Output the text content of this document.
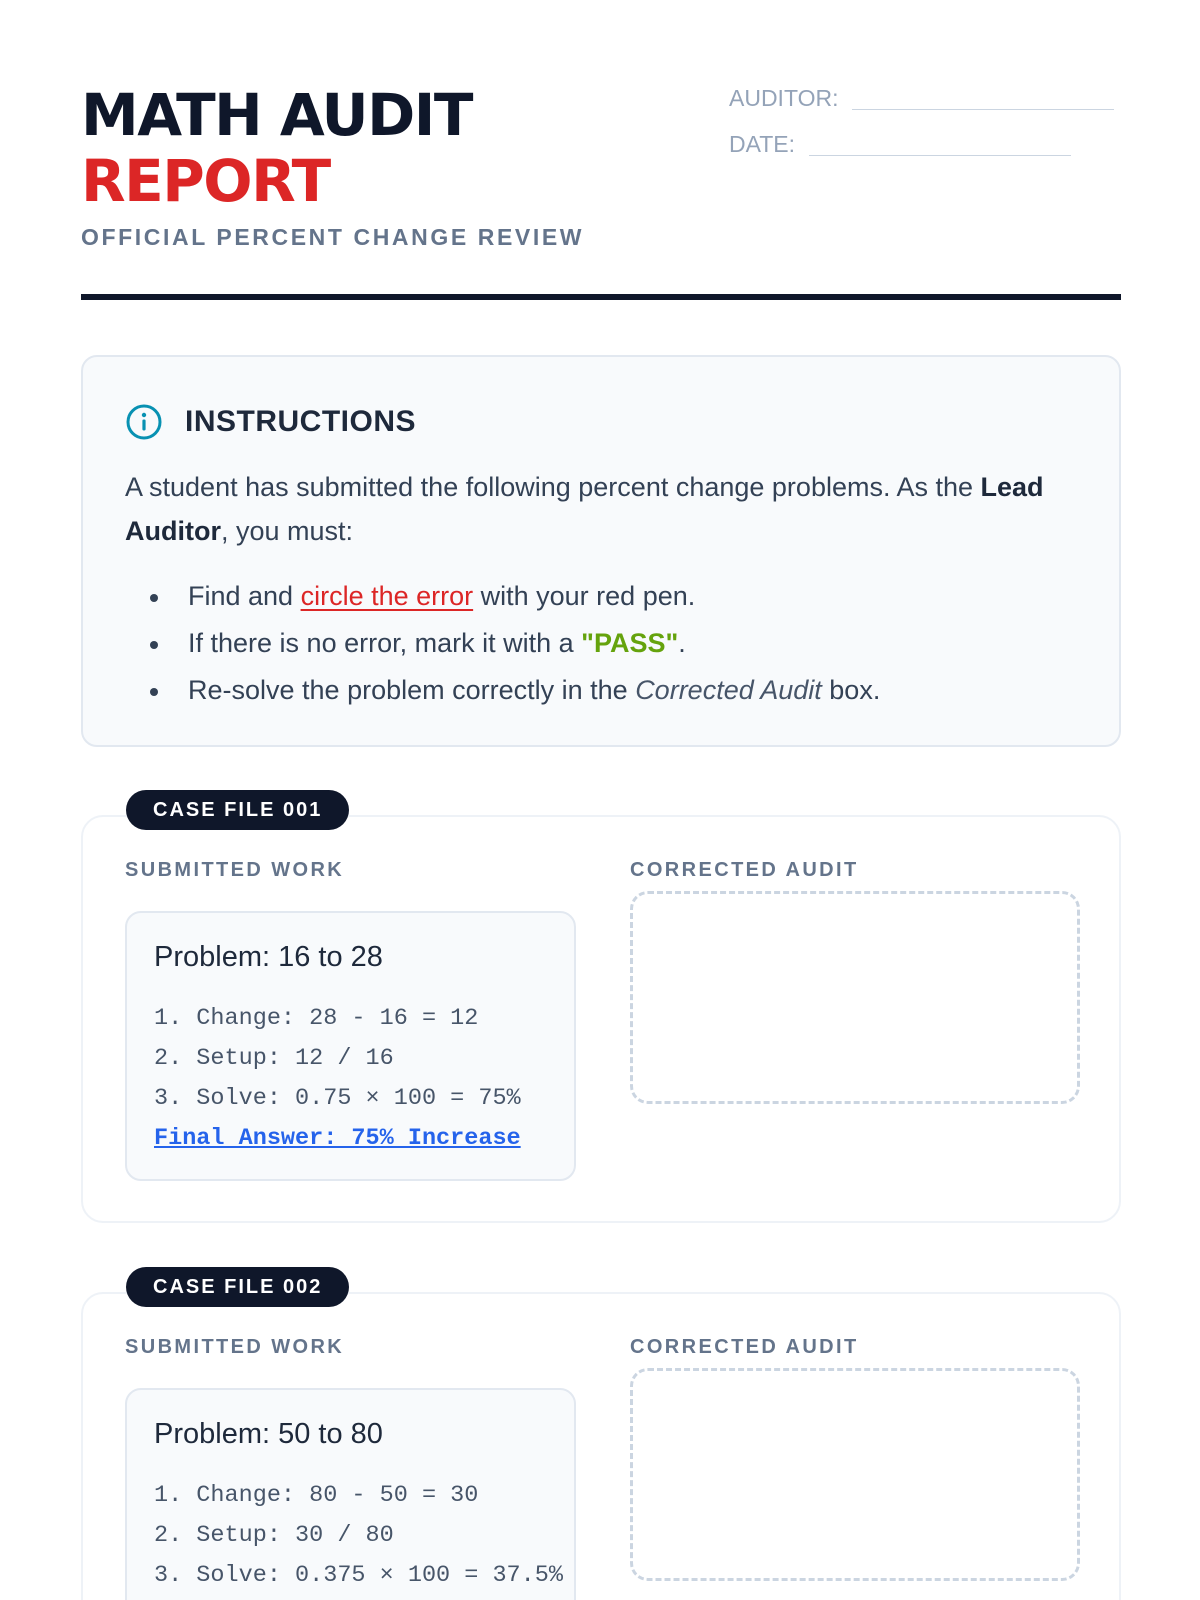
MATH AUDIT
REPORT
OFFICIAL PERCENT CHANGE REVIEW
AUDITOR:
DATE:
INSTRUCTIONS

A student has submitted the following percent change problems. As the Lead Auditor, you must:

Find and circle the error with your red pen.
If there is no error, mark it with a "PASS".
Re-solve the problem correctly in the Corrected Audit box.
CASE FILE 001
SUBMITTED WORK	CORRECTED AUDIT
Problem: 16 to 28
1. Change: 28 - 16 = 12
2. Setup: 12 / 16
3. Solve: 0.75 × 100 = 75%
Final Answer: 75% Increase
CASE FILE 002
SUBMITTED WORK	CORRECTED AUDIT
Problem: 50 to 80
1. Change: 80 - 50 = 30
2. Setup: 30 / 80
3. Solve: 0.375 × 100 = 37.5%
